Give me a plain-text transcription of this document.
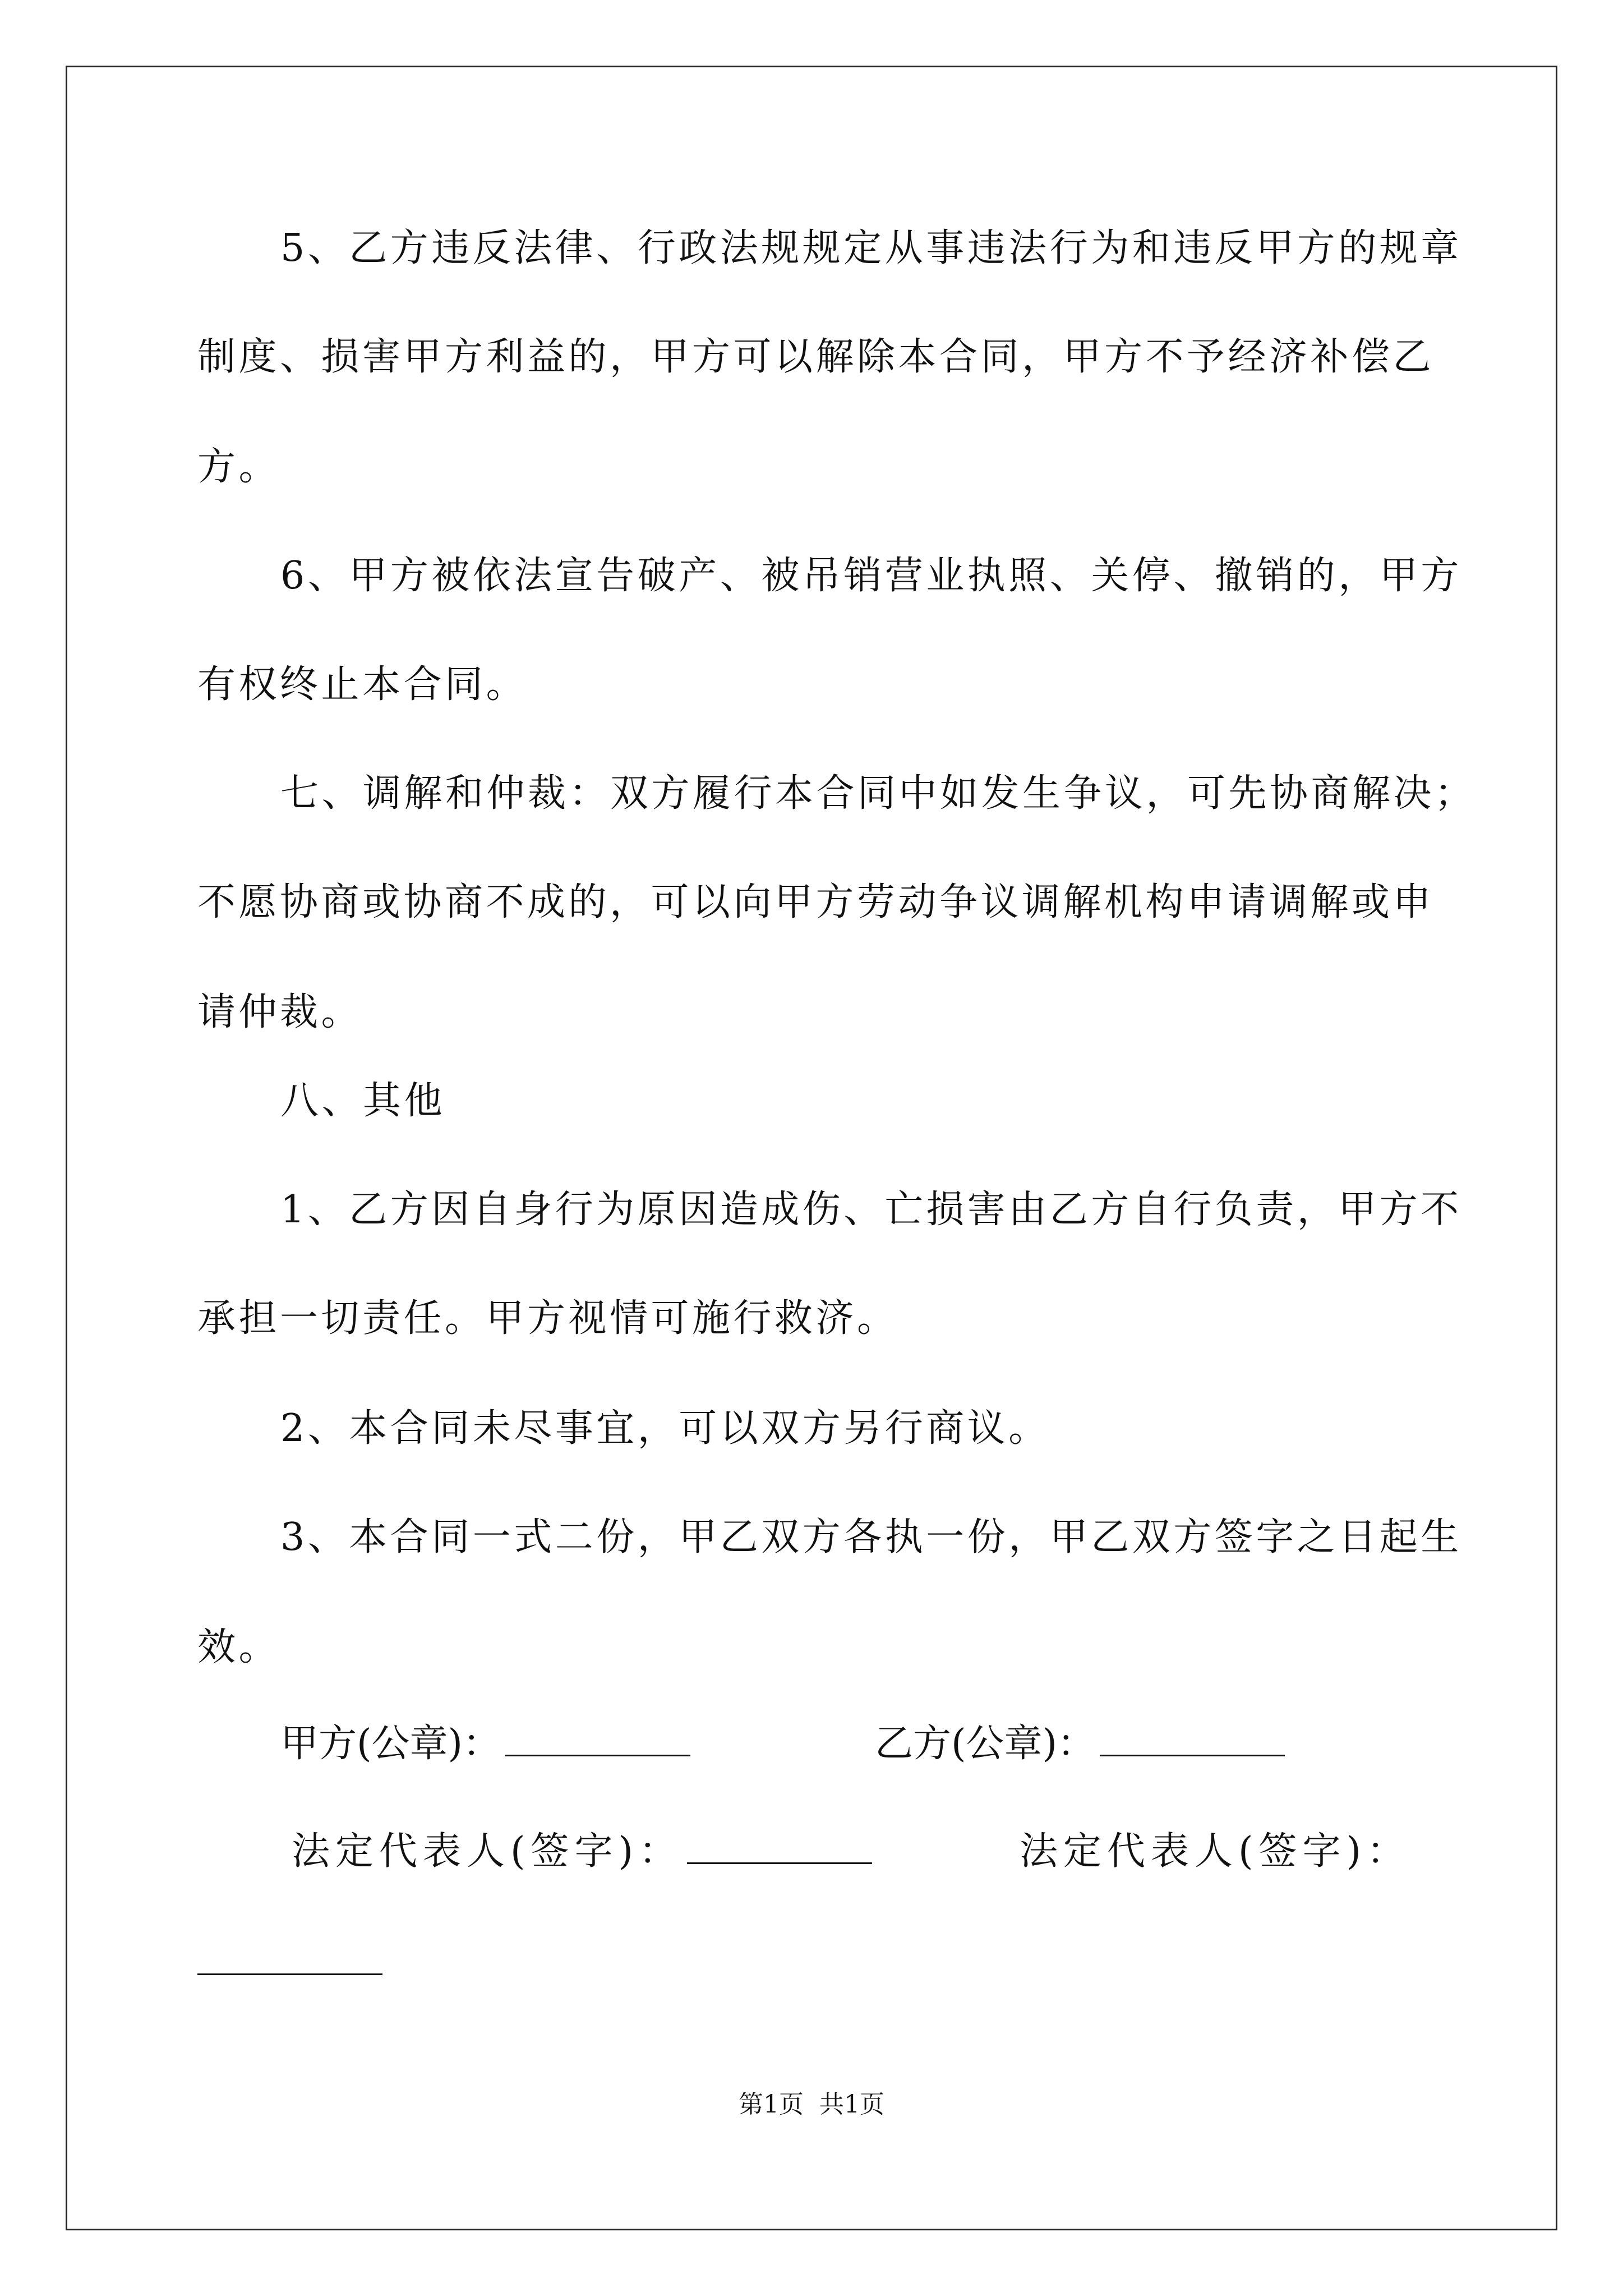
5、乙方违反法律、行政法规规定从事违法行为和违反甲方的规章
制度、损害甲方利益的，甲方可以解除本合同，甲方不予经济补偿乙
方。
6、甲方被依法宣告破产、被吊销营业执照、关停、撤销的，甲方
有权终止本合同。
七、调解和仲裁：双方履行本合同中如发生争议，可先协商解决；
不愿协商或协商不成的，可以向甲方劳动争议调解机构申请调解或申
请仲裁。
八、其他
1、乙方因自身行为原因造成伤、亡损害由乙方自行负责，甲方不
承担一切责任。甲方视情可施行救济。
2、本合同未尽事宜，可以双方另行商议。
3、本合同一式二份，甲乙双方各执一份，甲乙双方签字之日起生
效。
甲方(公章)：	乙方(公章)：
法定代表人(签字)：	法定代表人(签字)：
第1页 共1页
